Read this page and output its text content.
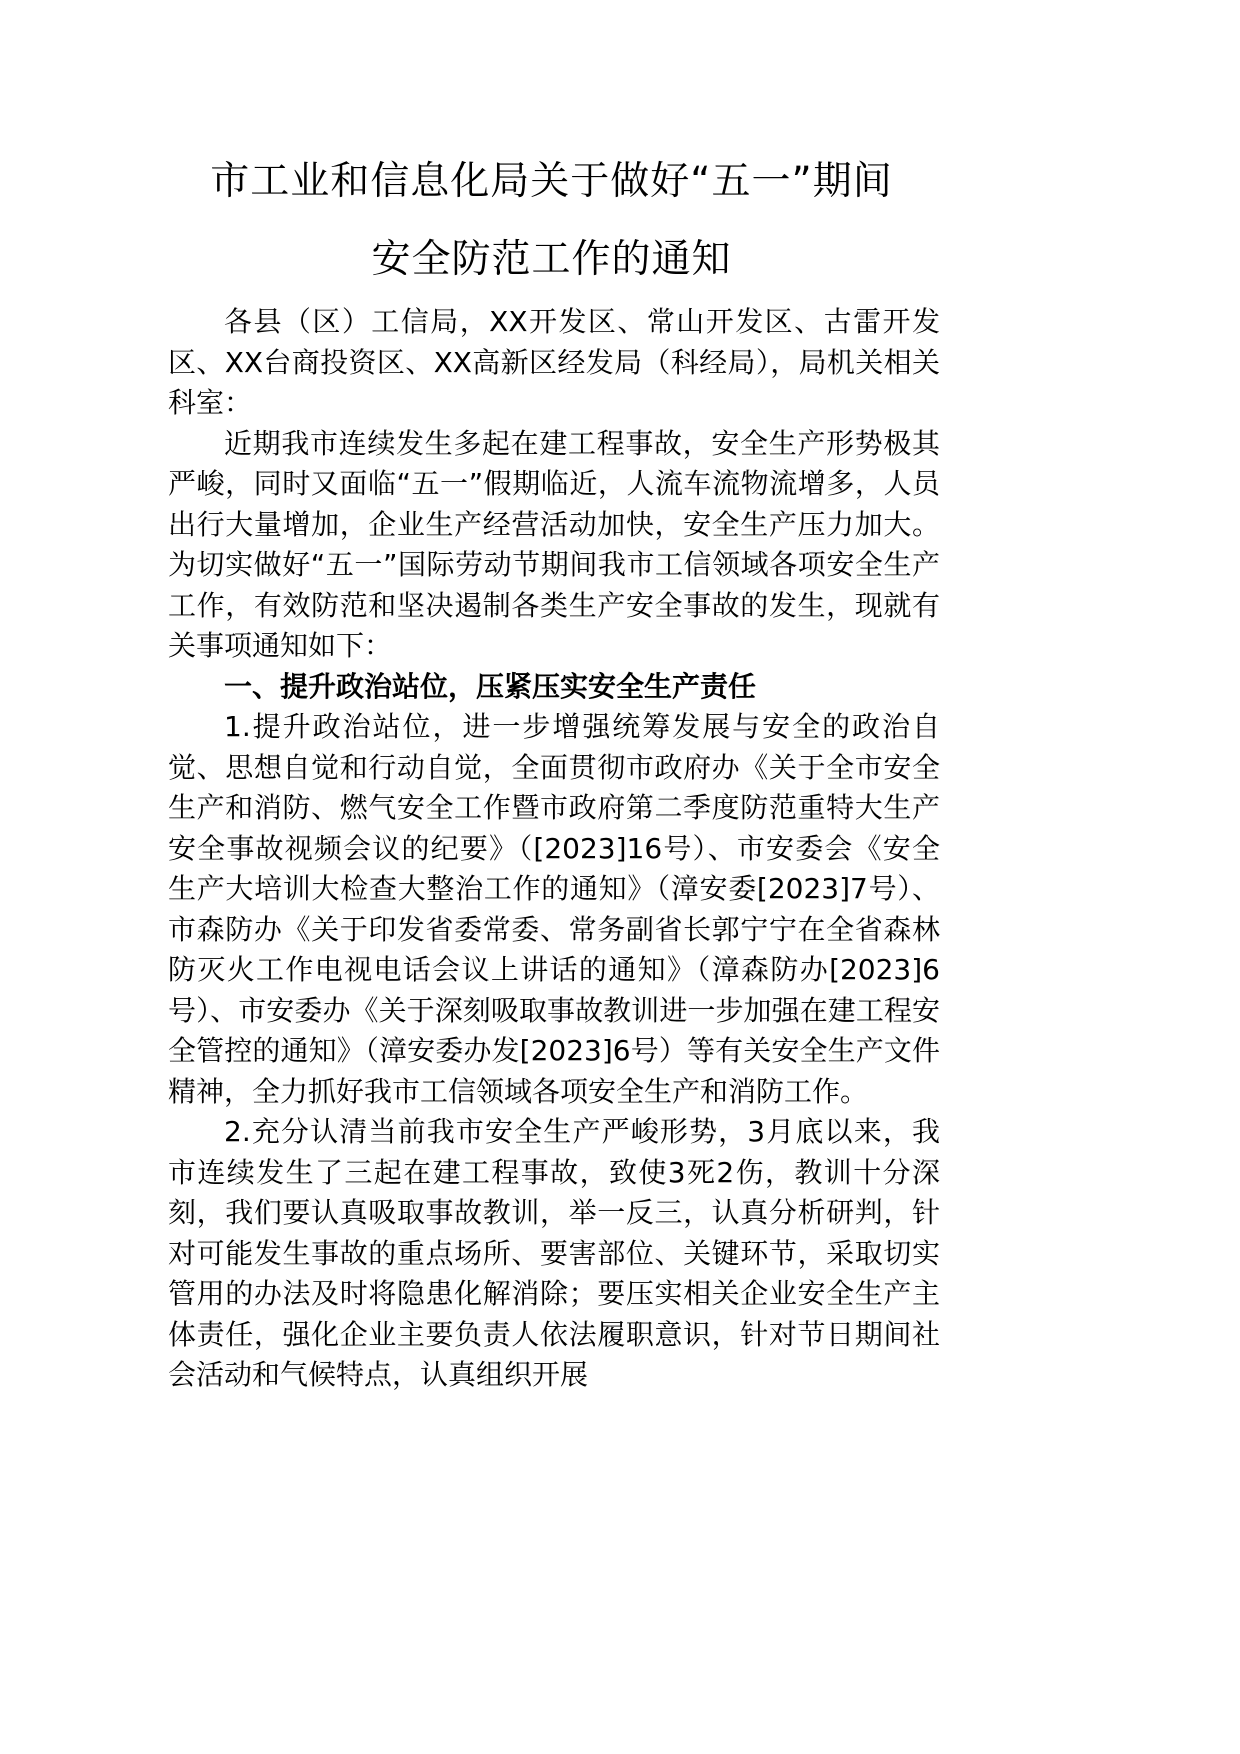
市工业和信息化局关于做好“五一”期间
安全防范工作的通知

各县（区）工信局，XX开发区、常山开发区、古雷开发区、XX台商投资区、XX高新区经发局（科经局），局机关相关科室：

近期我市连续发生多起在建工程事故，安全生产形势极其严峻，同时又面临“五一”假期临近，人流车流物流增多，人员出行大量增加，企业生产经营活动加快，安全生产压力加大。为切实做好“五一”国际劳动节期间我市工信领域各项安全生产工作，有效防范和坚决遏制各类生产安全事故的发生，现就有关事项通知如下：

一、提升政治站位，压紧压实安全生产责任

1.提升政治站位，进一步增强统筹发展与安全的政治自觉、思想自觉和行动自觉，全面贯彻市政府办《关于全市安全生产和消防、燃气安全工作暨市政府第二季度防范重特大生产安全事故视频会议的纪要》（[2023]16号）、市安委会《安全生产大培训大检查大整治工作的通知》（漳安委[2023]7号）、市森防办《关于印发省委常委、常务副省长郭宁宁在全省森林防灭火工作电视电话会议上讲话的通知》（漳森防办[2023]6号）、市安委办《关于深刻吸取事故教训进一步加强在建工程安全管控的通知》（漳安委办发[2023]6号）等有关安全生产文件精神，全力抓好我市工信领域各项安全生产和消防工作。

2.充分认清当前我市安全生产严峻形势，3月底以来，我市连续发生了三起在建工程事故，致使3死2伤，教训十分深刻，我们要认真吸取事故教训，举一反三，认真分析研判，针对可能发生事故的重点场所、要害部位、关键环节，采取切实管用的办法及时将隐患化解消除；要压实相关企业安全生产主体责任，强化企业主要负责人依法履职意识，针对节日期间社会活动和气候特点，认真组织开展
